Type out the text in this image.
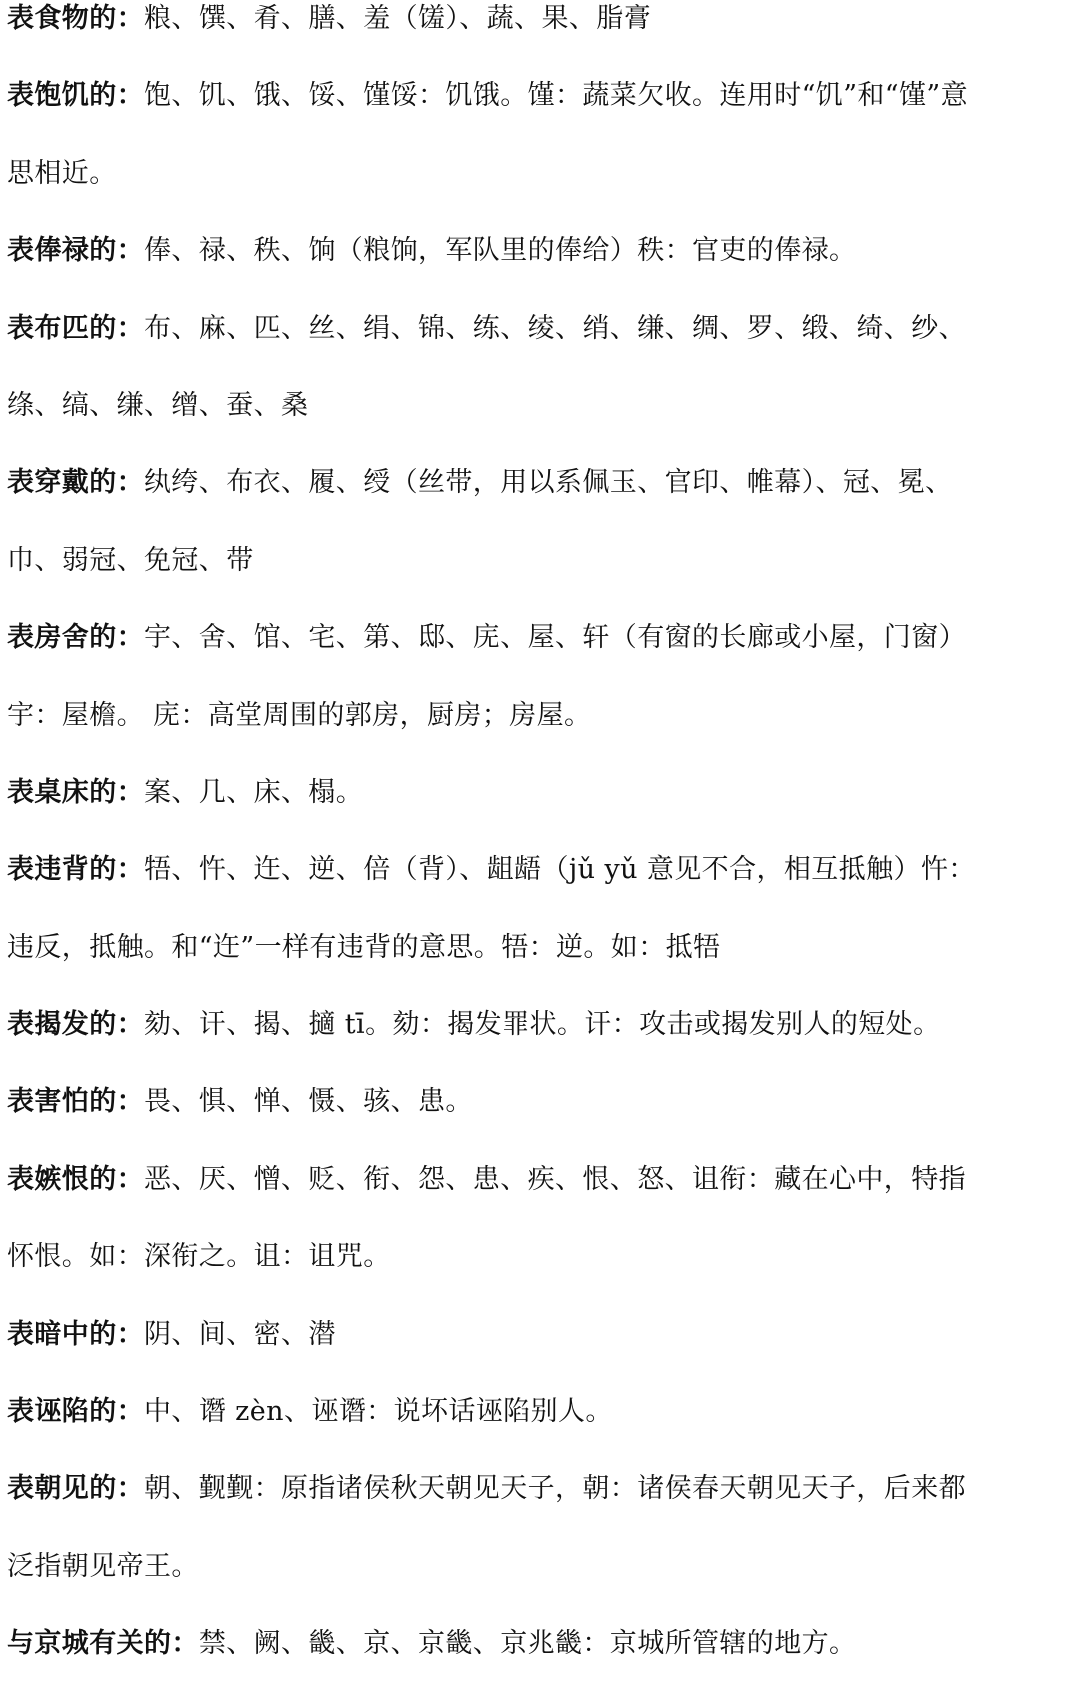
表食物的：粮、馔、肴、膳、羞（馐）、蔬、果、脂膏
表饱饥的：饱、饥、饿、馁、馑馁：饥饿。馑：蔬菜欠收。连用时“饥”和“馑”意
思相近。
表俸禄的：俸、禄、秩、饷（粮饷，军队里的俸给）秩：官吏的俸禄。
表布匹的：布、麻、匹、丝、绢、锦、练、绫、绡、缣、绸、罗、缎、绮、纱、
绦、缟、缣、缯、蚕、桑
表穿戴的：纨绔、布衣、履、绶（丝带，用以系佩玉、官印、帷幕）、冠、冕、
巾、弱冠、免冠、带
表房舍的：宇、舍、馆、宅、第、邸、庑、屋、轩（有窗的长廊或小屋，门窗）
宇：屋檐。 庑：高堂周围的郭房，厨房；房屋。
表桌床的：案、几、床、榻。
表违背的：牾、忤、迕、逆、倍（背）、龃龉（jǔ yǔ 意见不合，相互抵触）忤：
违反，抵触。和“迕”一样有违背的意思。牾：逆。如：抵牾
表揭发的：劾、讦、揭、擿 tī。劾：揭发罪状。讦：攻击或揭发别人的短处。
表害怕的：畏、惧、惮、慑、骇、患。
表嫉恨的：恶、厌、憎、贬、衔、怨、患、疾、恨、怒、诅衔：藏在心中，特指
怀恨。如：深衔之。诅：诅咒。
表暗中的：阴、间、密、潜
表诬陷的：中、谮 zèn、诬谮：说坏话诬陷别人。
表朝见的：朝、觐觐：原指诸侯秋天朝见天子，朝：诸侯春天朝见天子，后来都
泛指朝见帝王。
与京城有关的：禁、阙、畿、京、京畿、京兆畿：京城所管辖的地方。
